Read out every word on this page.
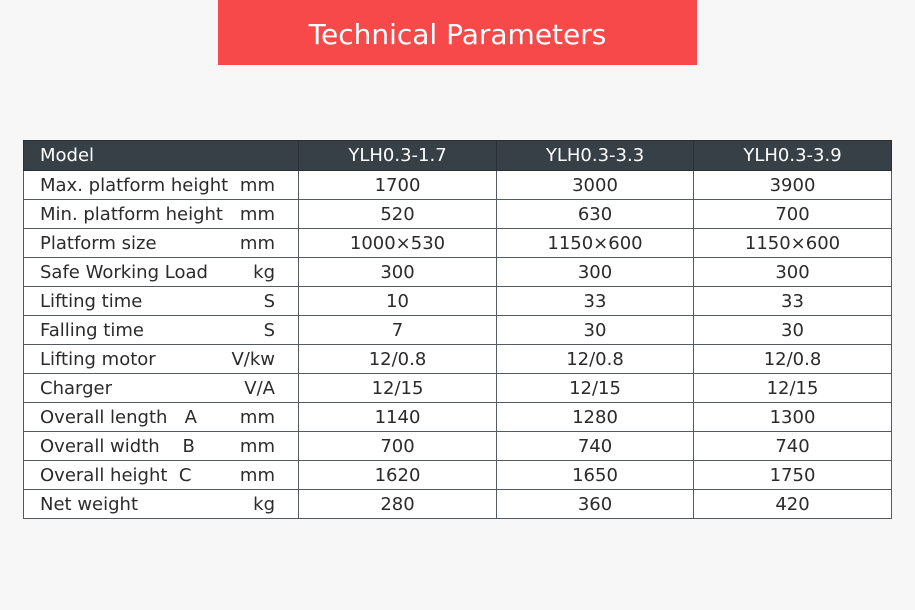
Technical Parameters
Model	YLH0.3-1.7	YLH0.3-3.3	YLH0.3-3.9

Max. platform height mm	1700	3000	3900

Min. platform height mm	520	630	700

Platform size mm	1000×530	1150×600	1150×600

Safe Working Load kg	300	300	300

Lifting time S	10	33	33

Falling time S	7	30	30

Lifting motor V/kw	12/0.8	12/0.8	12/0.8

Charger V/A	12/15	12/15	12/15

Overall length   A mm	1140	1280	1300

Overall width    B mm	700	740	740

Overall height  C mm	1620	1650	1750

Net weight kg	280	360	420
